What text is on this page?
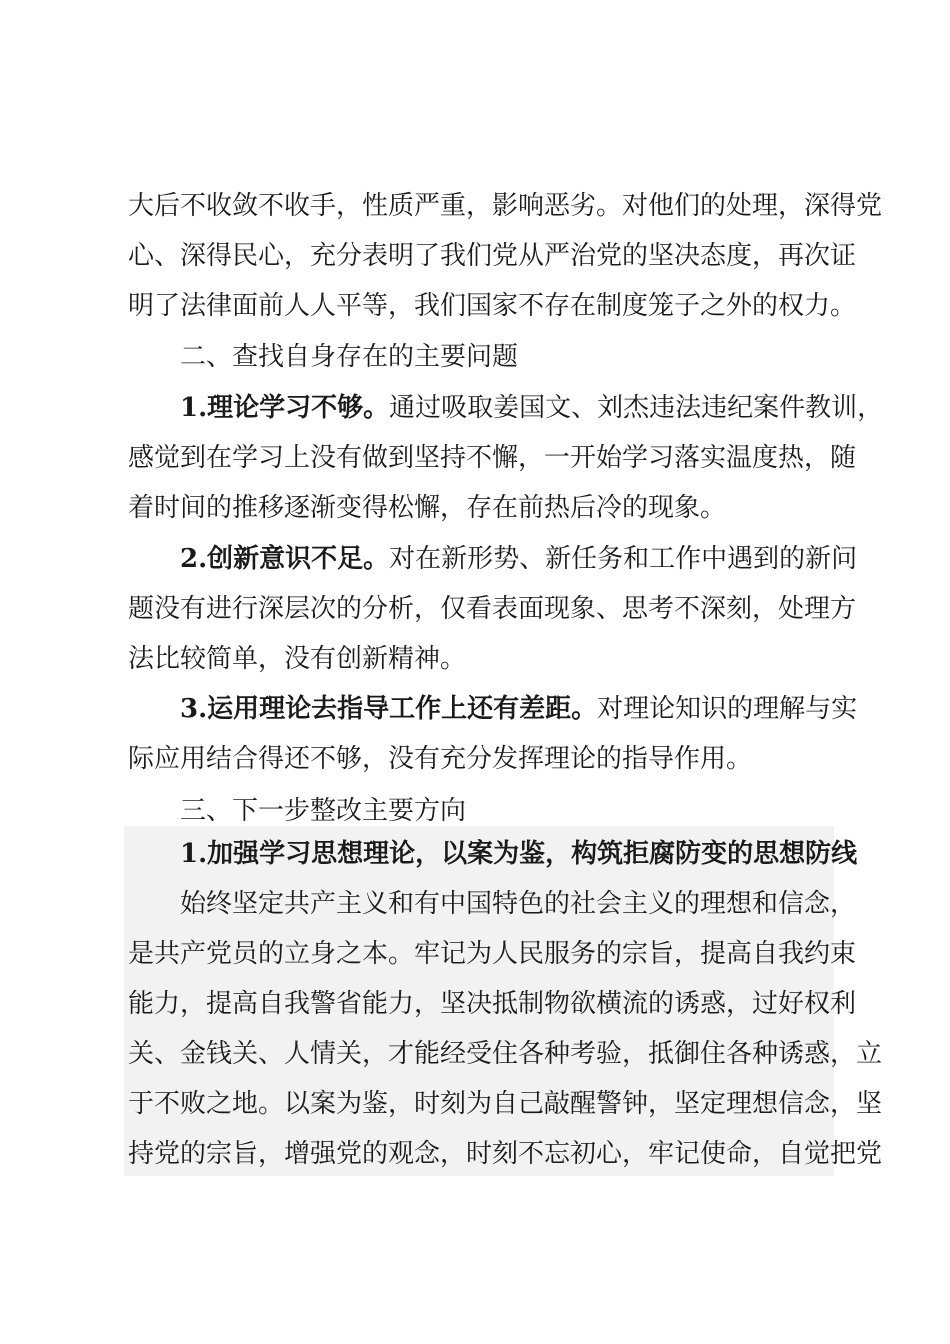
大后不收敛不收手，性质严重，影响恶劣。对他们的处理，深得党
心、深得民心，充分表明了我们党从严治党的坚决态度，再次证
明了法律面前人人平等，我们国家不存在制度笼子之外的权力。
二、查找自身存在的主要问题
1.理论学习不够。通过吸取姜国文、刘杰违法违纪案件教训，
感觉到在学习上没有做到坚持不懈，一开始学习落实温度热，随
着时间的推移逐渐变得松懈，存在前热后冷的现象。
2.创新意识不足。对在新形势、新任务和工作中遇到的新问
题没有进行深层次的分析，仅看表面现象、思考不深刻，处理方
法比较简单，没有创新精神。
3.运用理论去指导工作上还有差距。对理论知识的理解与实
际应用结合得还不够，没有充分发挥理论的指导作用。
三、下一步整改主要方向
1.加强学习思想理论，以案为鉴，构筑拒腐防变的思想防线
始终坚定共产主义和有中国特色的社会主义的理想和信念，
是共产党员的立身之本。牢记为人民服务的宗旨，提高自我约束
能力，提高自我警省能力，坚决抵制物欲横流的诱惑，过好权利
关、金钱关、人情关，才能经受住各种考验，抵御住各种诱惑，立
于不败之地。以案为鉴，时刻为自己敲醒警钟，坚定理想信念，坚
持党的宗旨，增强党的观念，时刻不忘初心，牢记使命，自觉把党
